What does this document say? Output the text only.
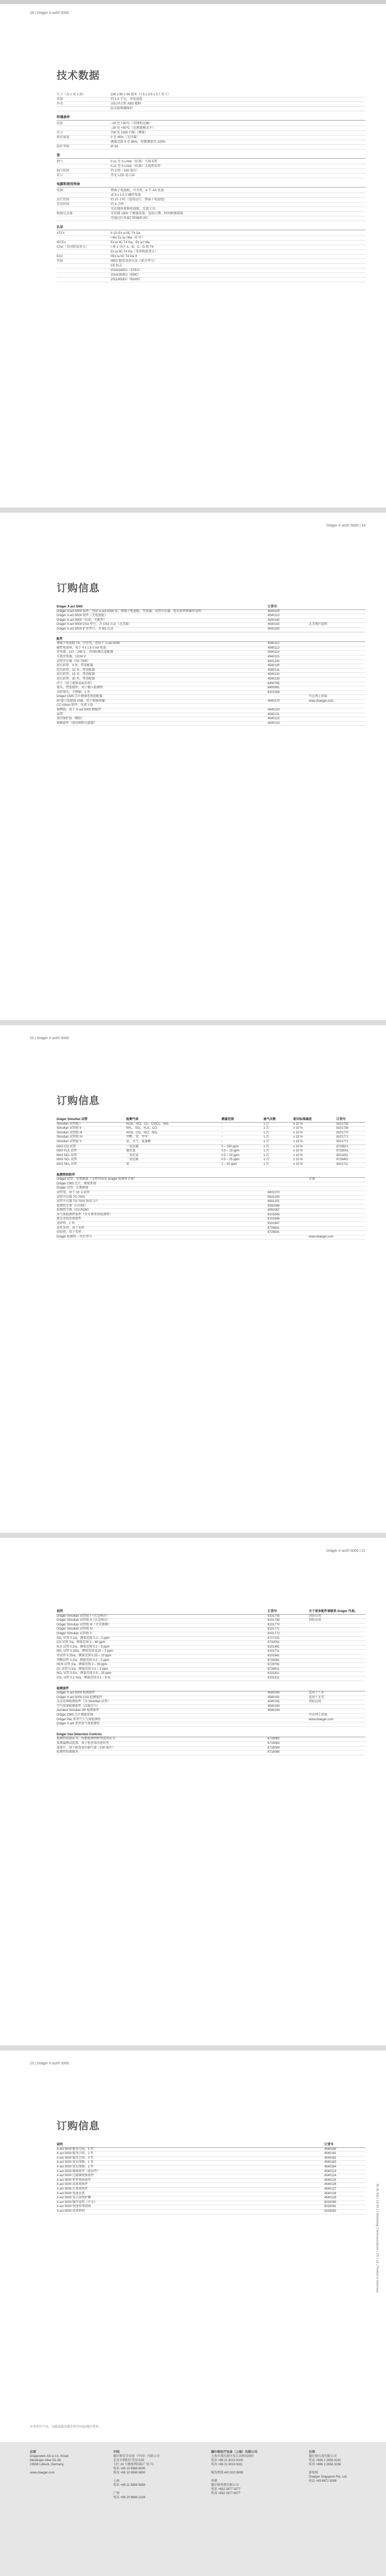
18 | Dräger X-act® 5000
技术数据
尺寸（高 x 宽 x 深）	190 x 90 x 94 毫米（7.5 x 3.5 x 3.7 英寸）
重量	约 1.5 千克，含电池组
外壳	高抗冲击性 ABS 塑料
防尘防喷溅保护
环境条件
温度	–20 至 +50°C（存储和运输）
–20 至 +50°C（在测量模式下）
压力	700 至 1300 百帕（测量）
相对湿度	0 至 95%（无冷凝）
测量范围 5 至 95%，短期测量至 100%
防护等级	IP 54
泵
抽气	0.11 至 3 L/min（标准）气体采样
0.11 至 5 L/min（标准）大体积采样
抽气时间	约 3 秒（100 毫升）
显示	背光 LCD 显示屏
电源和使用寿命
电源	锂离子电池组，可充电，4 节 AA 电池
或 4 x 1.5 V 碱性电池
运行时间	约 10 小时（连续运行，锂离子电池组）
充电时间	约 4 小时
可在现场更换电池组，无需工具
数据记录器	可存储 1000 个测量结果，包括日期、时间和测量值
可通过红外接口传输到 PC
认证
ATEX	II 1G Ex ia IIC T4 Ga
I M1 Ex ia I Ma（矿井）
IECEx	Ex ia IIC T4 Ga，Ex ia I Ma
CSA（美国和加拿大）	I 类 1 分区 A、B、C、D 组 T4
Ex ia IIC T4 Ga（美国和加拿大）
EAC	0Ex ia IIC T4 Ga X
其他	MED 船用设备认证（部分型号）
CE 标志
2014/34/EU（ATEX）
2014/30/EU（EMC）
2011/65/EU（RoHS）
Dräger X-act® 5000 | 19
订购信息
Dräger X-act 5000	订货号
Dräger X-act 5000 套件，包括 X-act 5000 泵、锂离子电池组、充电器、试管开启器、延长软管和操作说明	4540100
Dräger X-act 5000 套件（无电池组）	4540110
Dräger X-act 5000（仅泵，无配件）	4540140
Dräger X-act 5000 CSA 型号，含 CSA 认证（北美版）	4540150	北美地区提供
Dräger X-act 5000 矿用型号，含 M1 认证	4540160
配件
锂离子电池组 T4，可充电，适用于 X-act 5000	4540112
碱性电池座，用于 4 x 1.5 V AA 电池	4540113
充电器，110 – 240 V，含国际插头适配器	4540114
车载充电器，12/24 V	4540115
试管开启器（TO 7000）	6401200
延长软管，3 米，带适配器	4540130
延长软管，10 米，带适配器	4540131
延长软管，15 米，带适配器	4540132
延长软管，30 米，带适配器	4540133
浮子（用于液体表面采样）	6400765
探头，带连接件，用于插入检测管	6400561
采样探头，不锈钢，1 米	8101556
Dräger CMS 芯片测量系统适配器	可在网上获取
IR 接口连接线 USB，用于数据传输	4540170	www.draeger.com
CC-Vision 软件，免费下载
便携箱，用于 X-act 5000 和配件	4540120
肩带	4540121
泵的保护套（橡胶）	4540122
维修套件（密封圈和过滤器）	4540123
20 | Dräger X-act® 5000
订购信息
Dräger Simultan 试管	检测气体	测量范围	抽气次数	相对标准偏差	订货号
Simultan 试管组 I	HCN、HCl、Cl₂、COCl₂、NO₂	-	1 次	± 10 %	8101735
Simultan 试管组 II	NH₃、SO₂、H₂S、CO	-	1 次	± 10 %	8101736
Simultan 试管组 III	HCN、CO、HCl、NO₂	-	1 次	± 10 %	8101770
Simultan 试管组 IV	甲醛、苯、甲苯	-	1 次	± 15 %	8101771
Simultan 试管组 V	氯、光气、氢氰酸	-	1 次	± 15 %	8101772

MAS CO 试管	一氧化碳	5 – 150 ppm	1 次	± 10 %	6728521
MAS H₂S 试管	硫化氢	0.5 – 15 ppm	1 次	± 10 %	6728041
MAS NO₂ 试管	二氧化氮	0.5 – 25 ppm	1 次	± 10 %	8101811
MAS SO₂ 试管	二氧化硫	0.5 – 25 ppm	1 次	± 10 %	6728491
MAS NH₃ 试管	氨	2 – 30 ppm	1 次	± 10 %	8101711
检测管和附件
Dräger 试管，短期测量（完整列表见 Dräger 检测管手册）	手册
Dräger CMS 芯片，测量系统
Dräger 试管，长期测量
试管架，用于 10 支试管	6401070
试管开启器 TO 7000	6401200
试管开启器 TO 7000 备用刀片	6401201
检测管手册（打印版）	9092086
检测管手册（CD-ROM）	9092087
多气体检测管套件（含 5 种常用检测管）	8101645
紧急事故处理套件	8101646
采样管，2 米	8101647
活性炭管，用于采样	6728631
硅胶管，用于采样	6728831
Dräger 检测管 – 所有型号	www.draeger.com
Dräger X-act® 5000 | 21
说明	订货号	关于更多配件请联系 Dräger 代表。
Dräger Simultan 试管组 I（应急响应）	8101735	消防员用
Dräger Simultan 试管组 II（应急响应）	8101736	消防员用
Dräger Simultan 试管组 III（火灾烟雾）	8101770
Dräger Simultan 试管组 IV	8101771
Dräger Simultan 试管组 V	8101772
SO₂ 试管 0.1/a，测量范围 0.1 – 3 ppm	6727101
CO 试管 2/a，测量范围 2 – 60 ppm	6733051
H₂S 试管 0.2/a，测量范围 0.2 – 5 ppm	8101461
NH₃ 试管 0.25/a，测量范围 0.25 – 3 ppm	8101711
苯试管 0.25/a，测量范围 0.25 – 10 ppm	8101841
甲醛试管 0.2/a，测量范围 0.2 – 5 ppm	6733081
HCN 试管 2/a，测量范围 2 – 30 ppm	6728791
Cl₂ 试管 0.2/a，测量范围 0.2 – 3 ppm	6728411
NO₂ 试管 0.5/c，测量范围 0.5 – 25 ppm	8101811
CO₂ 试管 0.1 %/a，测量范围 0.1 – 6 %	8101811
检测套件
Dräger X-act 5000 检测套件	4540190	适用于工业
Dräger X-act 5000 CSA 检测套件	4540191	适用于北美
应急处理检测套件（含 Simultan 试管）	4540192	消防员用
空气质量检测套件（压缩空气）	4540193
Aerotest Simultan HP 检测套件	4540194
Dräger CMS 芯片测量系统	可在网上获取
Dräger Pac 系列个人气体检测仪	www.draeger.com
Dräger X-am 系列多气体检测仪
Dräger Gas Detection Controls
检测管质量证书，每批检测管附带质量证书	6718082
泵泄漏测试装置，用于检查泵的密封性	6718083
流量计，用于检查泵的抽气量（100 毫升）	6718084
检测管校准服务	6718085
22 | Dräger X-act® 5000
订购信息
说明	订货号
X-act 5000 服务合同，1 年	4540180
X-act 5000 服务合同，2 年	4540181
X-act 5000 服务合同，3 年	4540182
X-act 5000 延长保修，1 年	4540183
X-act 5000 延长保修，2 年	4540184
X-act 5000 维修套件（密封件）	4540123
X-act 5000 过滤器更换套件	4540124
X-act 5000 软管更换套件	4540125
X-act 5000 前盖更换件	4540126
X-act 5000 后盖更换件	4540127
X-act 5000 电池仓盖	4540128
X-act 5000 显示屏保护膜	4540129
X-act 5000 操作说明（中文）	9033090
X-act 5000 快速参考指南	9033091
X-act 5000 培训材料	9033092	90 46 540 | 18.04-1 | Marketing Communications | CK | LE | Printed in Germany
并非所有产品、功能或服务都在所有国家/地区销售。
总部
Drägerwerk AG & Co. KGaA
Moislinger Allee 53–55
23558 Lübeck, Germany

www.draeger.com
中国
德尔格安全设备（中国）有限公司
北京市朝阳区望京东园
七区 19 号楼保利国际广场 T1
电话 +86 10 6568 8000
传真 +86 10 6568 8800

上海
电话 +86 21 5859 5858

广州
电话 +86 20 8669 2228
德尔格医疗设备（上海）有限公司
上海市浦东新区张江高科技园区
电话 +86 21 6013 9100
传真 +86 21 6013 9111

服务热线 400 820 8898

香港
德尔格香港有限公司
电话 +852 2877 3077
传真 +852 2877 6077
台湾
德尔格台湾有限公司
电话 +886 2 2658 3232
传真 +886 2 2658 3236

新加坡
Draeger Singapore Pte. Ltd.
电话 +65 6872 9288
